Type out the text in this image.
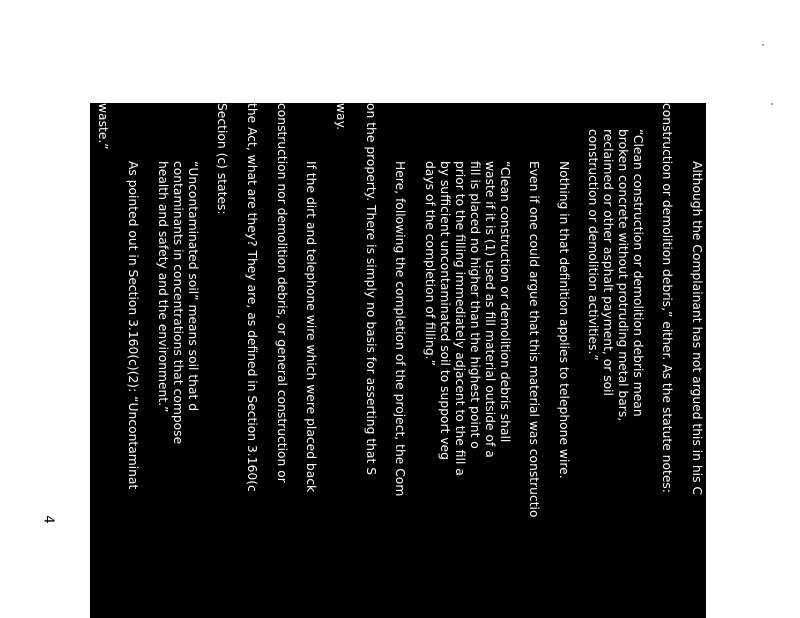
4
Although the Complainant has not argued this in his C
construction or demolition debris,” either. As the statute notes:
“Clean construction or demolition debris mean
broken concrete without protruding metal bars,
reclaimed or other asphalt payment, or soil
construction or demolition activities.”
Nothing in that definition applies to telephone wire.
Even if one could argue that this material was constructio
“Clean construction or demolition debris shall
waste if it is (1) used as fill material outside of a
fill is placed no higher than the highest point o
prior to the filling immediately adjacent to the fill a
by sufficient uncontaminated soil to support veg
days of the completion of filling.”
Here, following the completion of the project, the Com
on the property. There is simply no basis for asserting that S
way.
If the dirt and telephone wire which were placed back
construction nor demolition debris, or general construction or
the Act, what are they? They are, as defined in Section 3.160(c
Section (c) states:
“Uncontaminated soil” means soil that d
contaminants in concentrations that compose
health and safety and the environment.”
As pointed out in Section 3.160(c)(2): “Uncontaminat
waste.”
